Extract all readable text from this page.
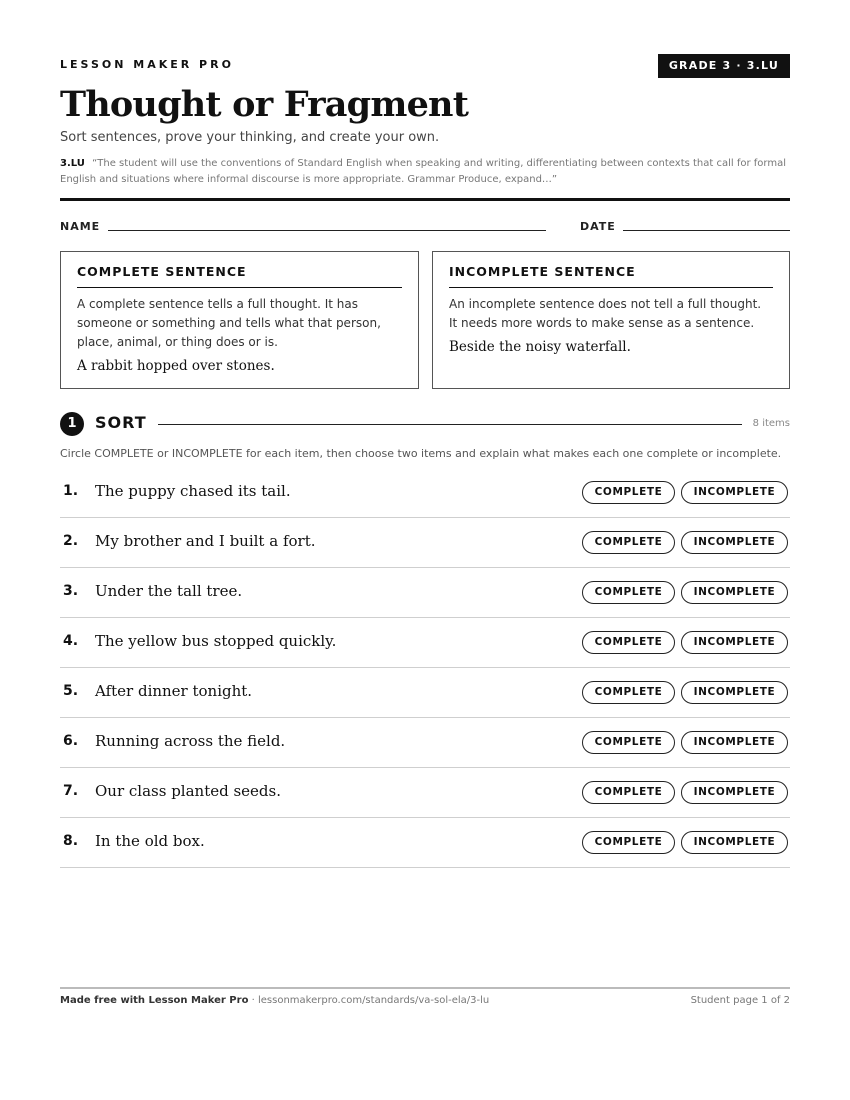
LESSON MAKER PRO	GRADE 3 · 3.LU
Thought or Fragment
Sort sentences, prove your thinking, and create your own.
3.LU “The student will use the conventions of Standard English when speaking and writing, differentiating between contexts that call for formal English and situations where informal discourse is more appropriate. Grammar Produce, expand…”
NAME	DATE
COMPLETE SENTENCE
A complete sentence tells a full thought. It has someone or something and tells what that person, place, animal, or thing does or is.
A rabbit hopped over stones.
INCOMPLETE SENTENCE
An incomplete sentence does not tell a full thought. It needs more words to make sense as a sentence.
Beside the noisy waterfall.
1	SORT	8 items
Circle COMPLETE or INCOMPLETE for each item, then choose two items and explain what makes each one complete or incomplete.
1. The puppy chased its tail.	COMPLETE	INCOMPLETE
2. My brother and I built a fort.	COMPLETE	INCOMPLETE
3. Under the tall tree.	COMPLETE	INCOMPLETE
4. The yellow bus stopped quickly.	COMPLETE	INCOMPLETE
5. After dinner tonight.	COMPLETE	INCOMPLETE
6. Running across the field.	COMPLETE	INCOMPLETE
7. Our class planted seeds.	COMPLETE	INCOMPLETE
8. In the old box.	COMPLETE	INCOMPLETE
Made free with Lesson Maker Pro · lessonmakerpro.com/standards/va-sol-ela/3-lu	Student page 1 of 2
